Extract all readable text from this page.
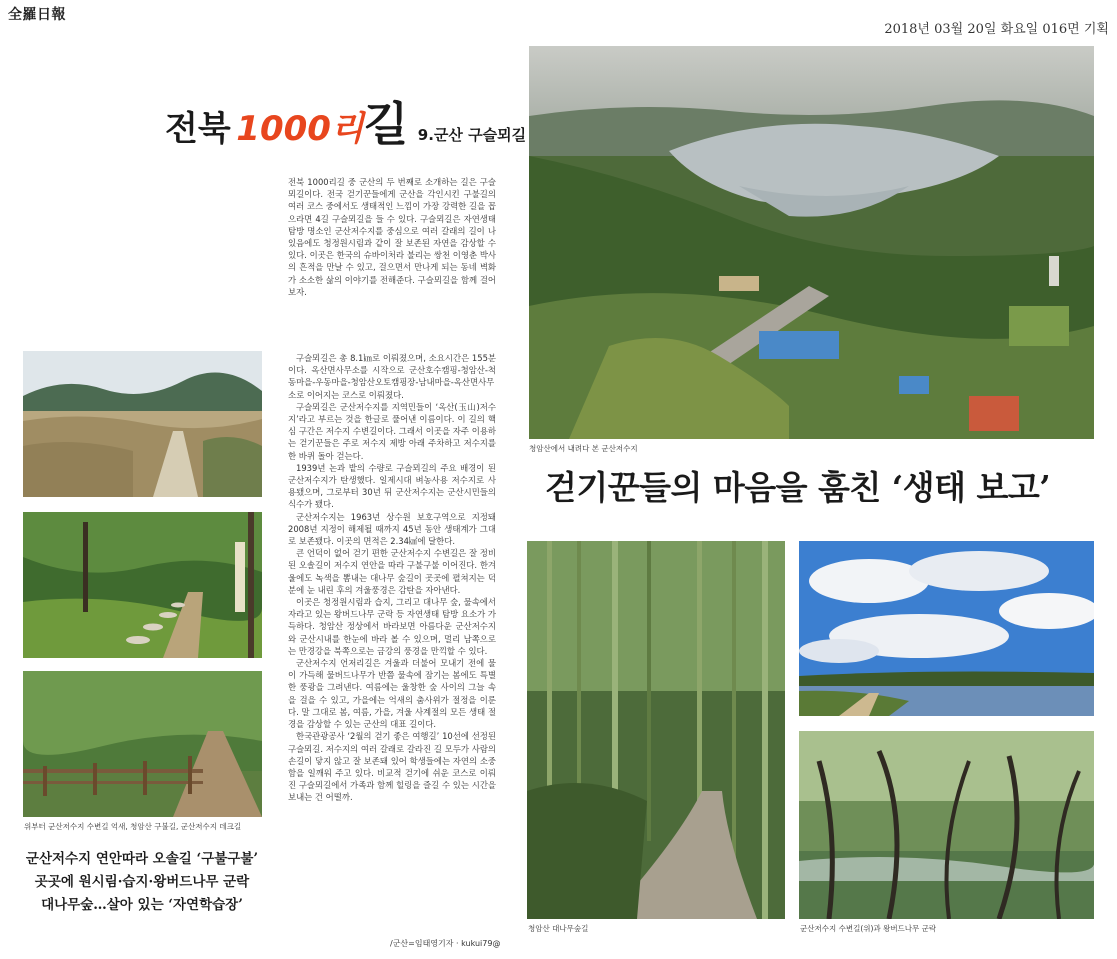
全羅日報
2018년 03월 20일 화요일 016면 기획
전북 1000리길 9.군산 구슬뫼길
전북 1000리길 중 군산의 두 번째로 소개하는 길은 구슬뫼길이다. 전국 걷기꾼들에게 군산을 각인시킨 구불길의 여러 코스 중에서도 생태적인 느낌이 가장 강력한 길을 꼽으라면 4길 구슬뫼길을 들 수 있다. 구슬뫼길은 자연생태 탐방 명소인 군산저수지를 중심으로 여러 갈래의 길이 나 있음에도 청정원시림과 같이 잘 보존된 자연을 감상할 수 있다. 이곳은 한국의 슈바이처라 불리는 쌍천 이영춘 박사의 흔적을 만날 수 있고, 걸으면서 만나게 되는 동네 벽화가 소소한 삶의 이야기를 전해준다. 구슬뫼길을 함께 걸어보자.

구슬뫼길은 총 8.1㎞로 이뤄졌으며, 소요시간은 155분이다. 옥산면사무소를 시작으로 군산호수캠핑-청암산-척동마을-우동마을-청암산오토캠핑장-남내마을-옥산면사무소로 이어지는 코스로 이뤄졌다.

구슬뫼길은 군산저수지를 지역민들이 ‘옥산(玉山)저수지’라고 부르는 것을 한글로 풀어낸 이름이다. 이 길의 핵심 구간은 저수지 수변길이다. 그래서 이곳을 자주 이용하는 걷기꾼들은 주로 저수지 제방 아래 주차하고 저수지를 한 바퀴 돌아 걷는다.

1939년 논과 밭의 수량로 구슬뫼길의 주요 배경이 된 군산저수지가 탄생했다. 일제시대 벼농사용 저수지로 사용됐으며, 그로부터 30년 뒤 군산저수지는 군산시민들의 식수가 됐다.

군산저수지는 1963년 상수원 보호구역으로 지정돼 2008년 지정이 해제될 때까지 45년 동안 생태계가 그대로 보존됐다. 이곳의 면적은 2.34㎢에 달한다.

큰 언덕이 없어 걷기 편한 군산저수지 수변길은 잘 정비된 오솔길이 저수지 연안을 따라 구불구불 이어진다. 한겨울에도 녹색을 뽐내는 대나무 숲길이 곳곳에 펼쳐지는 덕분에 눈 내린 후의 겨울풍경은 감탄을 자아낸다.

이곳은 청정원시림과 습지, 그리고 대나무 숲, 물속에서 자라고 있는 왕버드나무 군락 등 자연생태 탐방 요소가 가득하다. 청암산 정상에서 바라보면 아름다운 군산저수지와 군산시내를 한눈에 바라 볼 수 있으며, 멀리 남쪽으로는 만경강을 북쪽으로는 금강의 풍경을 만끽할 수 있다.

군산저수지 언저리길은 겨울과 더불어 모내기 전에 물이 가득해 물버드나무가 반쯤 물속에 잠기는 봄에도 특별한 풍광을 그려낸다. 여름에는 울창한 숲 사이의 그늘 속을 걸을 수 있고, 가을에는 억새의 춤사위가 절정을 이룬다. 말 그대로 봄, 여름, 가을, 겨울 사계절의 모든 생태 절경을 감상할 수 있는 군산의 대표 길이다.

한국관광공사 ‘2월의 걷기 좋은 여행길’ 10선에 선정된 구슬뫼길. 저수지의 여러 갈래로 갈라진 길 모두가 사람의 손길이 닿지 않고 잘 보존돼 있어 학생들에는 자연의 소중함을 일깨워 주고 있다. 비교적 걷기에 쉬운 코스로 이뤄진 구슬뫼길에서 가족과 함께 힐링을 즐길 수 있는 시간을 보내는 건 어떨까.

/군산=임태영기자 · kukui79@
위부터 군산저수지 수변길 억새, 청암산 구불길, 군산저수지 데크길
군산저수지 연안따라 오솔길 ‘구불구불’
곳곳에 원시림·습지·왕버드나무 군락
대나무숲…살아 있는 ‘자연학습장’
청암산에서 내려다 본 군산저수지
걷기꾼들의 마음을 훔친 ‘생태 보고’
청암산 대나무숲길	군산저수지 수변길(위)과 왕버드나무 군락
